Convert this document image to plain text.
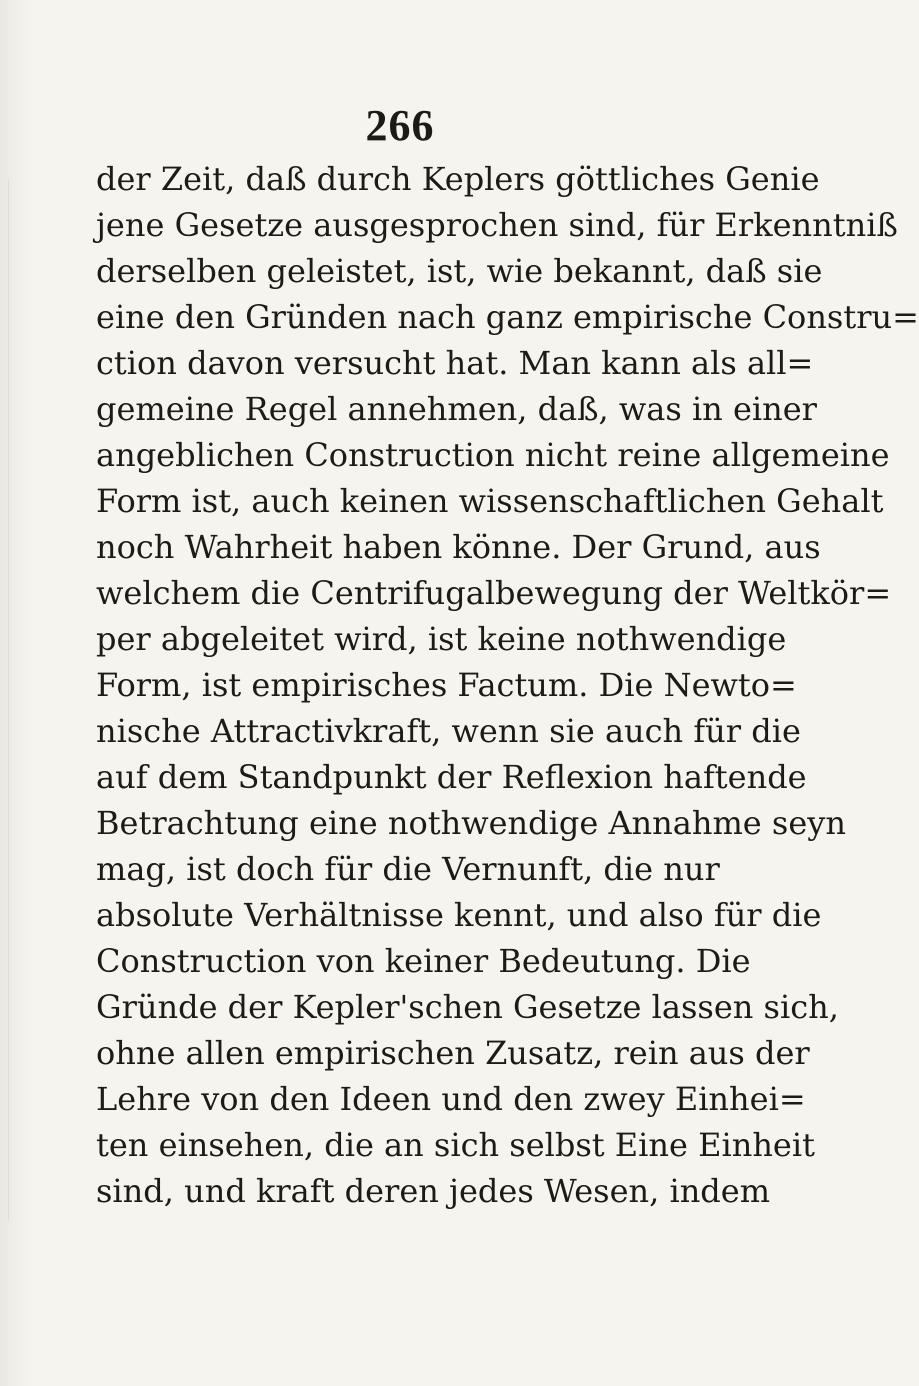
266
der Zeit, daß durch Keplers göttliches Genie
jene Gesetze ausgesprochen sind, für Erkenntniß
derselben geleistet, ist, wie bekannt, daß sie
eine den Gründen nach ganz empirische Constru=
ction davon versucht hat. Man kann als all=
gemeine Regel annehmen, daß, was in einer
angeblichen Construction nicht reine allgemeine
Form ist, auch keinen wissenschaftlichen Gehalt
noch Wahrheit haben könne. Der Grund, aus
welchem die Centrifugalbewegung der Weltkör=
per abgeleitet wird, ist keine nothwendige
Form, ist empirisches Factum. Die Newto=
nische Attractivkraft, wenn sie auch für die
auf dem Standpunkt der Reflexion haftende
Betrachtung eine nothwendige Annahme seyn
mag, ist doch für die Vernunft, die nur
absolute Verhältnisse kennt, und also für die
Construction von keiner Bedeutung. Die
Gründe der Kepler'schen Gesetze lassen sich,
ohne allen empirischen Zusatz, rein aus der
Lehre von den Ideen und den zwey Einhei=
ten einsehen, die an sich selbst Eine Einheit
sind, und kraft deren jedes Wesen, indem
